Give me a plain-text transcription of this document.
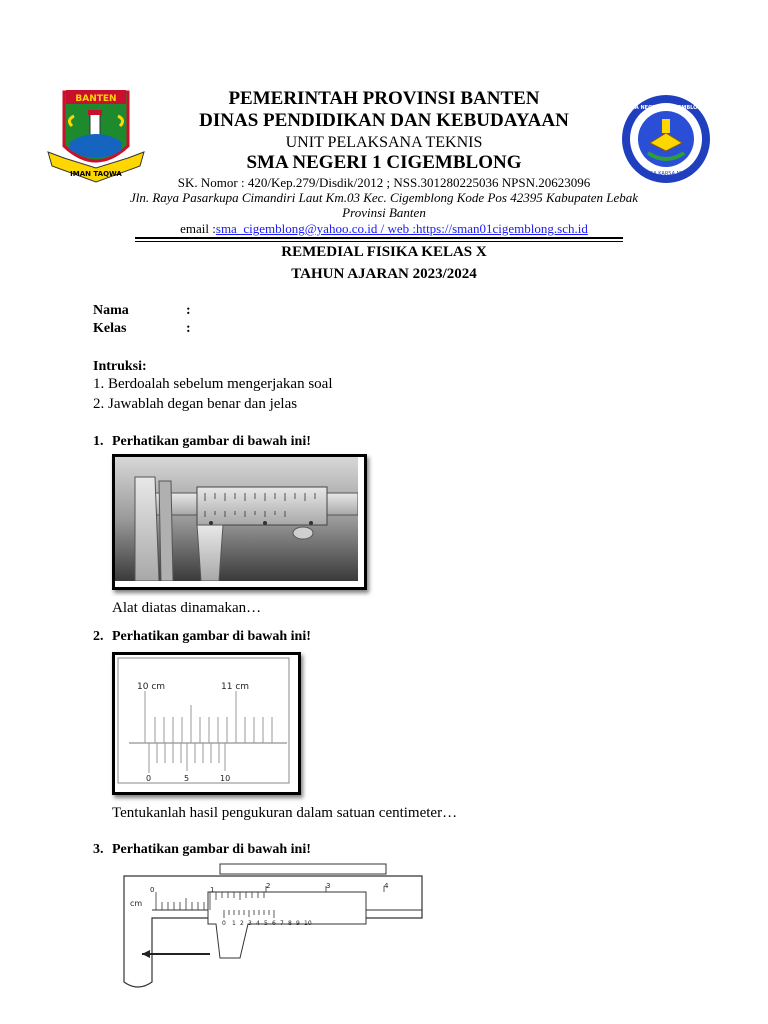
BANTEN
IMAN TAQWA
SMA NEGERI 1 CIGEMBLONG
PANCA KARSA MITRA
PEMERINTAH PROVINSI BANTEN
DINAS PENDIDIKAN DAN KEBUDAYAAN
UNIT PELAKSANA TEKNIS
SMA NEGERI 1 CIGEMBLONG
SK. Nomor : 420/Kep.279/Disdik/2012 ; NSS.301280225036 NPSN.20623096
Jln. Raya Pasarkupa Cimandiri Laut Km.03 Kec. Cigemblong Kode Pos 42395 Kabupaten Lebak
Provinsi Banten
email :sma_cigemblong@yahoo.co.id / web :https://sman01cigemblong.sch.id
REMEDIAL FISIKA KELAS X
TAHUN AJARAN 2023/2024
Nama	:
Kelas	:
Intruksi:
1. Berdoalah sebelum mengerjakan soal
2. Jawablah degan benar dan jelas
1. Perhatikan gambar di bawah ini!
Alat diatas dinamakan…
2. Perhatikan gambar di bawah ini!
10 cm	11 cm
0	5	10
Tentukanlah hasil pengukuran dalam satuan centimeter…
3. Perhatikan gambar di bawah ini!
cm
0	1	2	3	4
0 1 2 3 4 5 6 7 8 9 10
